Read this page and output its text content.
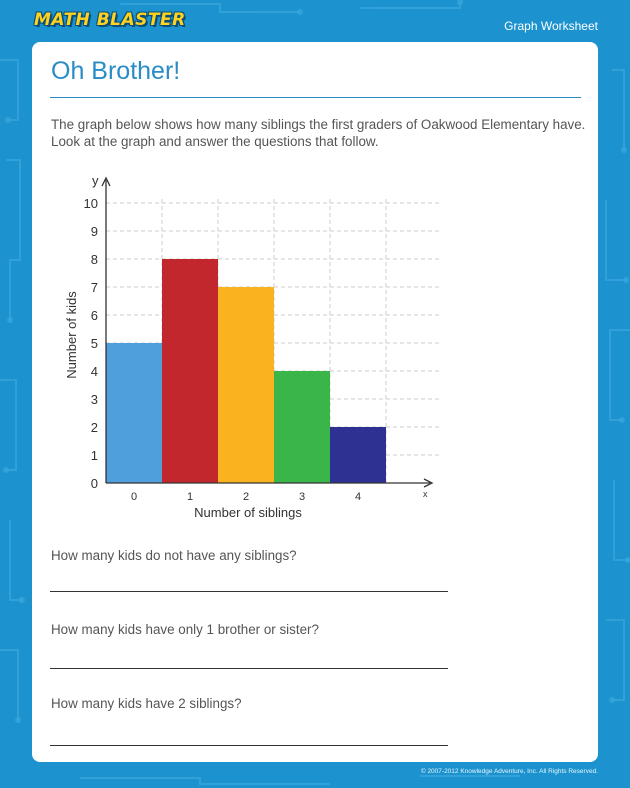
MATH BLASTER	Graph Worksheet
Oh Brother!

The graph below shows how many siblings the first graders of Oakwood Elementary have. Look at the graph and answer the questions that follow.

0
1
2
3
4
5
6
7
8
9
10
0	1	2	3	4
y
x
Number of siblings
Number of kids

How many kids do not have any siblings?

How many kids have only 1 brother or sister?

How many kids have 2 siblings?

© 2007-2012 Knowledge Adventure, Inc. All Rights Reserved.
